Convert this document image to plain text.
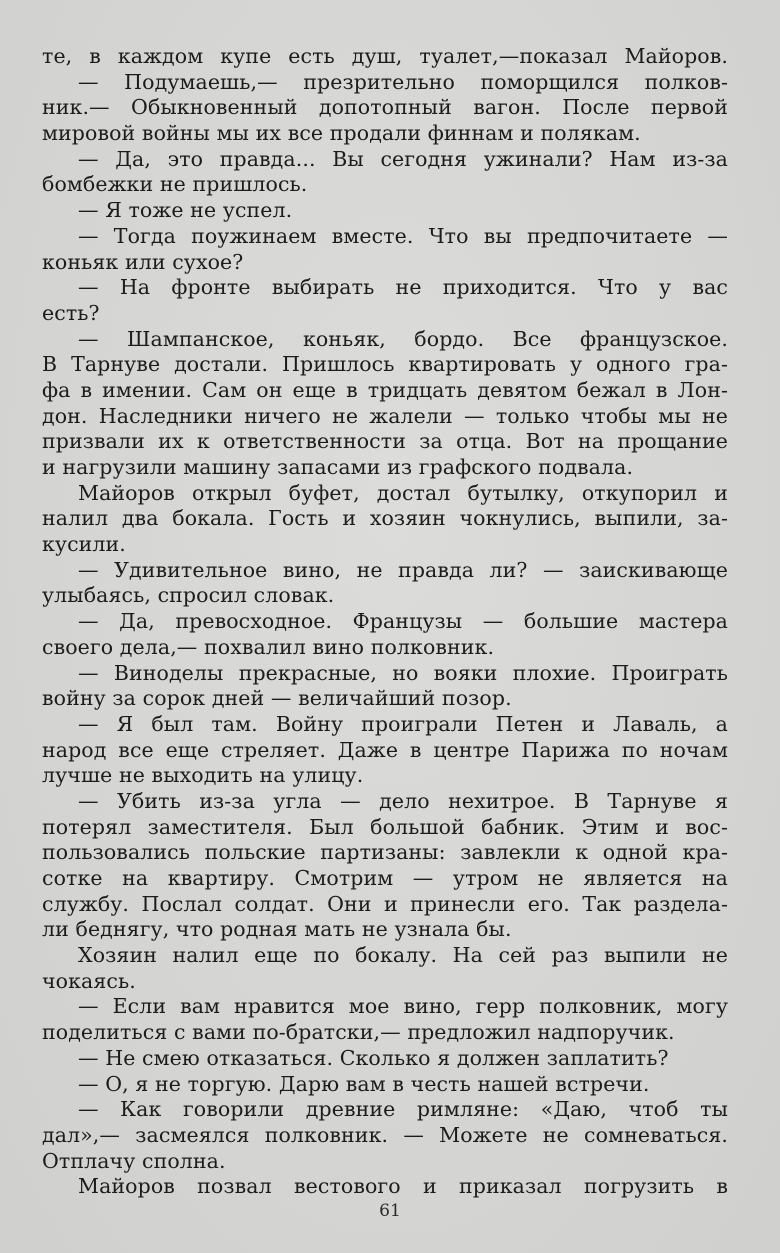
те, в каждом купе есть душ, туалет,—показал Майоров.
— Подумаешь,— презрительно поморщился полков-
ник.— Обыкновенный допотопный вагон. После первой
мировой войны мы их все продали финнам и полякам.
— Да, это правда... Вы сегодня ужинали? Нам из-за
бомбежки не пришлось.
— Я тоже не успел.
— Тогда поужинаем вместе. Что вы предпочитаете —
коньяк или сухое?
— На фронте выбирать не приходится. Что у вас
есть?
— Шампанское, коньяк, бордо. Все французское.
В Тарнуве достали. Пришлось квартировать у одного гра-
фа в имении. Сам он еще в тридцать девятом бежал в Лон-
дон. Наследники ничего не жалели — только чтобы мы не
призвали их к ответственности за отца. Вот на прощание
и нагрузили машину запасами из графского подвала.
Майоров открыл буфет, достал бутылку, откупорил и
налил два бокала. Гость и хозяин чокнулись, выпили, за-
кусили.
— Удивительное вино, не правда ли? — заискивающе
улыбаясь, спросил словак.
— Да, превосходное. Французы — большие мастера
своего дела,— похвалил вино полковник.
— Виноделы прекрасные, но вояки плохие. Проиграть
войну за сорок дней — величайший позор.
— Я был там. Войну проиграли Петен и Лаваль, а
народ все еще стреляет. Даже в центре Парижа по ночам
лучше не выходить на улицу.
— Убить из-за угла — дело нехитрое. В Тарнуве я
потерял заместителя. Был большой бабник. Этим и вос-
пользовались польские партизаны: завлекли к одной кра-
сотке на квартиру. Смотрим — утром не является на
службу. Послал солдат. Они и принесли его. Так раздела-
ли беднягу, что родная мать не узнала бы.
Хозяин налил еще по бокалу. На сей раз выпили не
чокаясь.
— Если вам нравится мое вино, герр полковник, могу
поделиться с вами по-братски,— предложил надпоручик.
— Не смею отказаться. Сколько я должен заплатить?
— О, я не торгую. Дарю вам в честь нашей встречи.
— Как говорили древние римляне: «Даю, чтоб ты
дал»,— засмеялся полковник. — Можете не сомневаться.
Отплачу сполна.
Майоров позвал вестового и приказал погрузить в
61
